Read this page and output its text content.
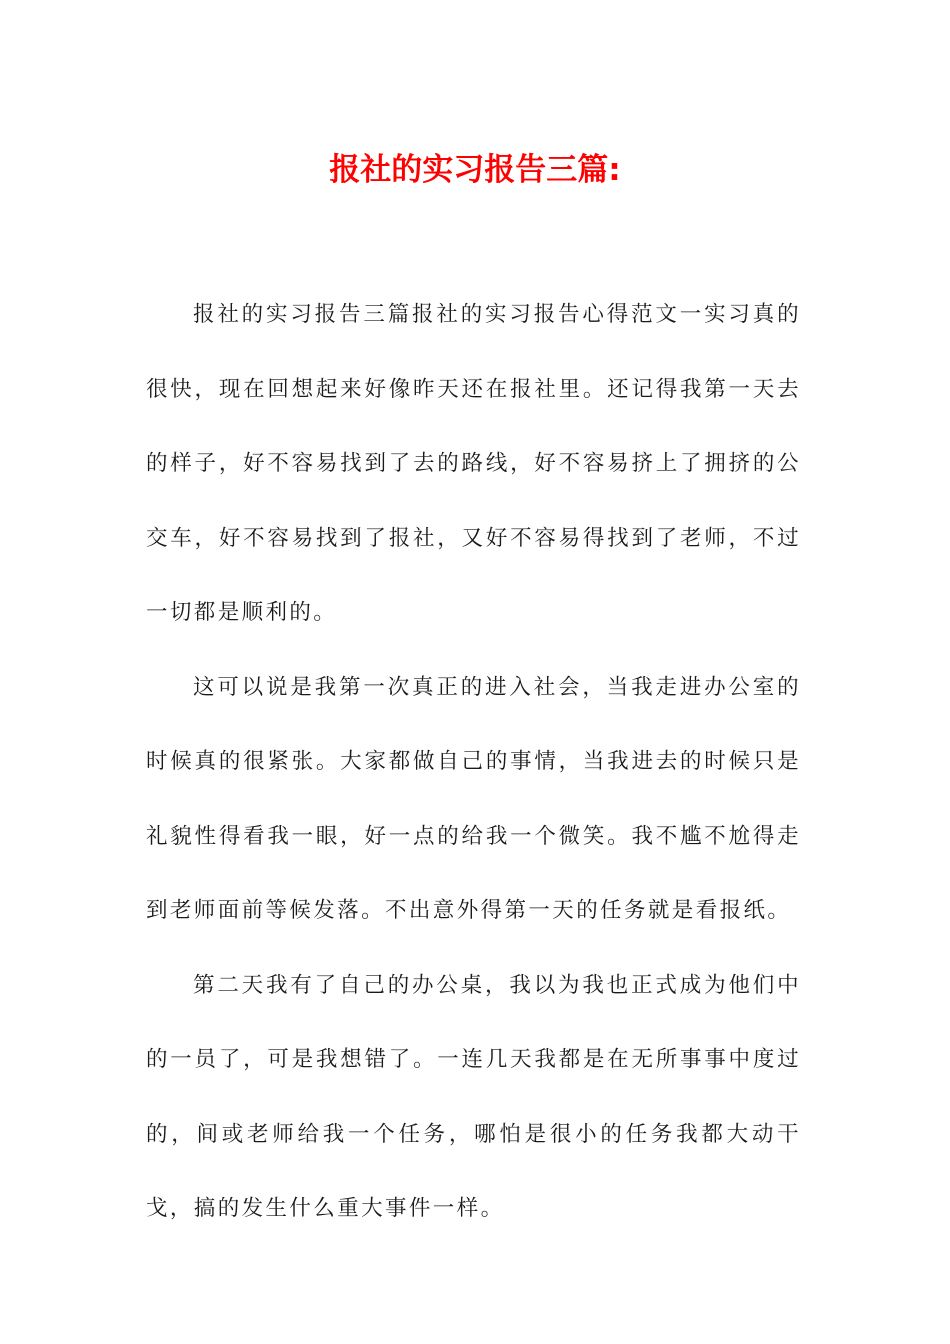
报社的实习报告三篇:

报社的实习报告三篇报社的实习报告心得范文一实习真的很快，现在回想起来好像昨天还在报社里。还记得我第一天去的样子，好不容易找到了去的路线，好不容易挤上了拥挤的公交车，好不容易找到了报社，又好不容易得找到了老师，不过一切都是顺利的。

这可以说是我第一次真正的进入社会，当我走进办公室的时候真的很紧张。大家都做自己的事情，当我进去的时候只是礼貌性得看我一眼，好一点的给我一个微笑。我不尴不尬得走到老师面前等候发落。不出意外得第一天的任务就是看报纸。

第二天我有了自己的办公桌，我以为我也正式成为他们中的一员了，可是我想错了。一连几天我都是在无所事事中度过的，间或老师给我一个任务，哪怕是很小的任务我都大动干戈，搞的发生什么重大事件一样。
